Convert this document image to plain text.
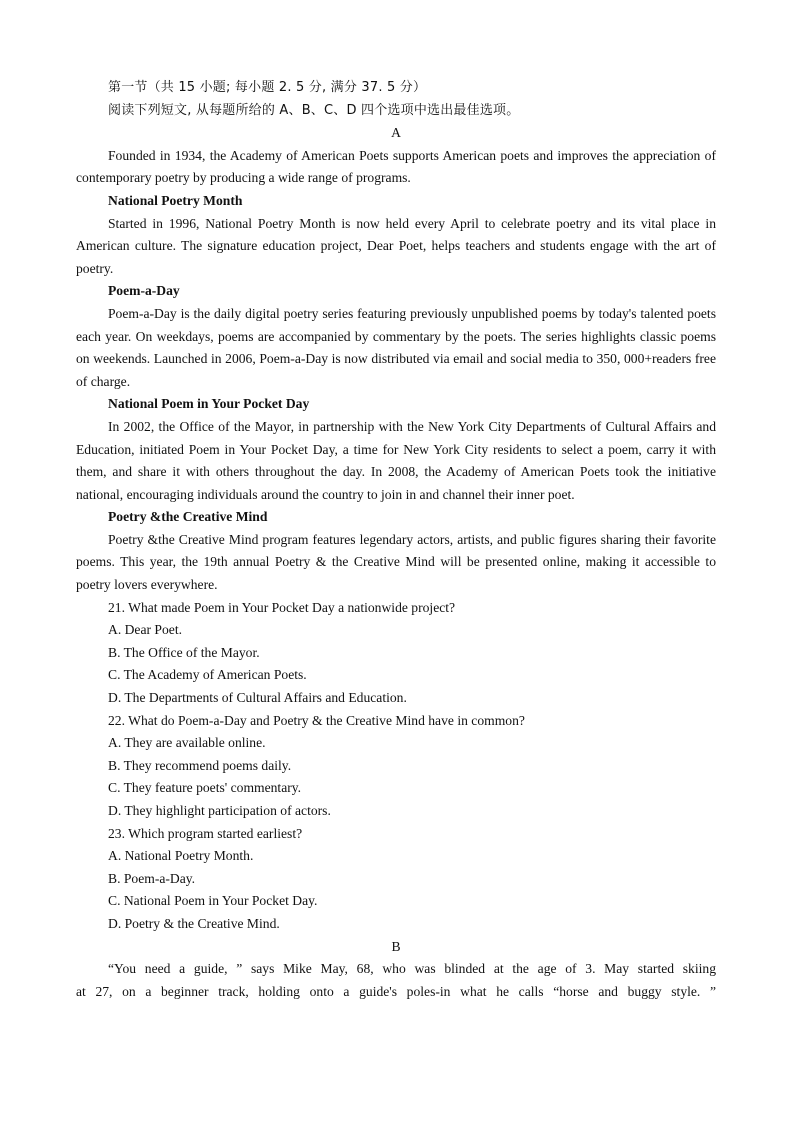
第一节（共 15 小题; 每小题 2. 5 分, 满分 37. 5 分）

阅读下列短文, 从每题所给的 A、B、C、D 四个选项中选出最佳选项。

A

Founded in 1934, the Academy of American Poets supports American poets and improves the appreciation of contemporary poetry by producing a wide range of programs.

National Poetry Month

Started in 1996, National Poetry Month is now held every April to celebrate poetry and its vital place in American culture. The signature education project, Dear Poet, helps teachers and students engage with the art of poetry.

Poem-a-Day

Poem-a-Day is the daily digital poetry series featuring previously unpublished poems by today's talented poets each year. On weekdays, poems are accompanied by commentary by the poets. The series highlights classic poems on weekends. Launched in 2006, Poem-a-Day is now distributed via email and social media to 350, 000+readers free of charge.

National Poem in Your Pocket Day

In 2002, the Office of the Mayor, in partnership with the New York City Departments of Cultural Affairs and Education, initiated Poem in Your Pocket Day, a time for New York City residents to select a poem, carry it with them, and share it with others throughout the day. In 2008, the Academy of American Poets took the initiative national, encouraging individuals around the country to join in and channel their inner poet.

Poetry &the Creative Mind

Poetry &the Creative Mind program features legendary actors, artists, and public figures sharing their favorite poems. This year, the 19th annual Poetry & the Creative Mind will be presented online, making it accessible to poetry lovers everywhere.

21. What made Poem in Your Pocket Day a nationwide project?

A. Dear Poet.

B. The Office of the Mayor.

C. The Academy of American Poets.

D. The Departments of Cultural Affairs and Education.

22. What do Poem-a-Day and Poetry & the Creative Mind have in common?

A. They are available online.

B. They recommend poems daily.

C. They feature poets' commentary.

D. They highlight participation of actors.

23. Which program started earliest?

A. National Poetry Month.

B. Poem-a-Day.

C. National Poem in Your Pocket Day.

D. Poetry & the Creative Mind.

B

“You need a guide, ” says Mike May, 68, who was blinded at the age of 3. May started skiing

at 27, on a beginner track, holding onto a guide's poles-in what he calls “horse and buggy style. ”
